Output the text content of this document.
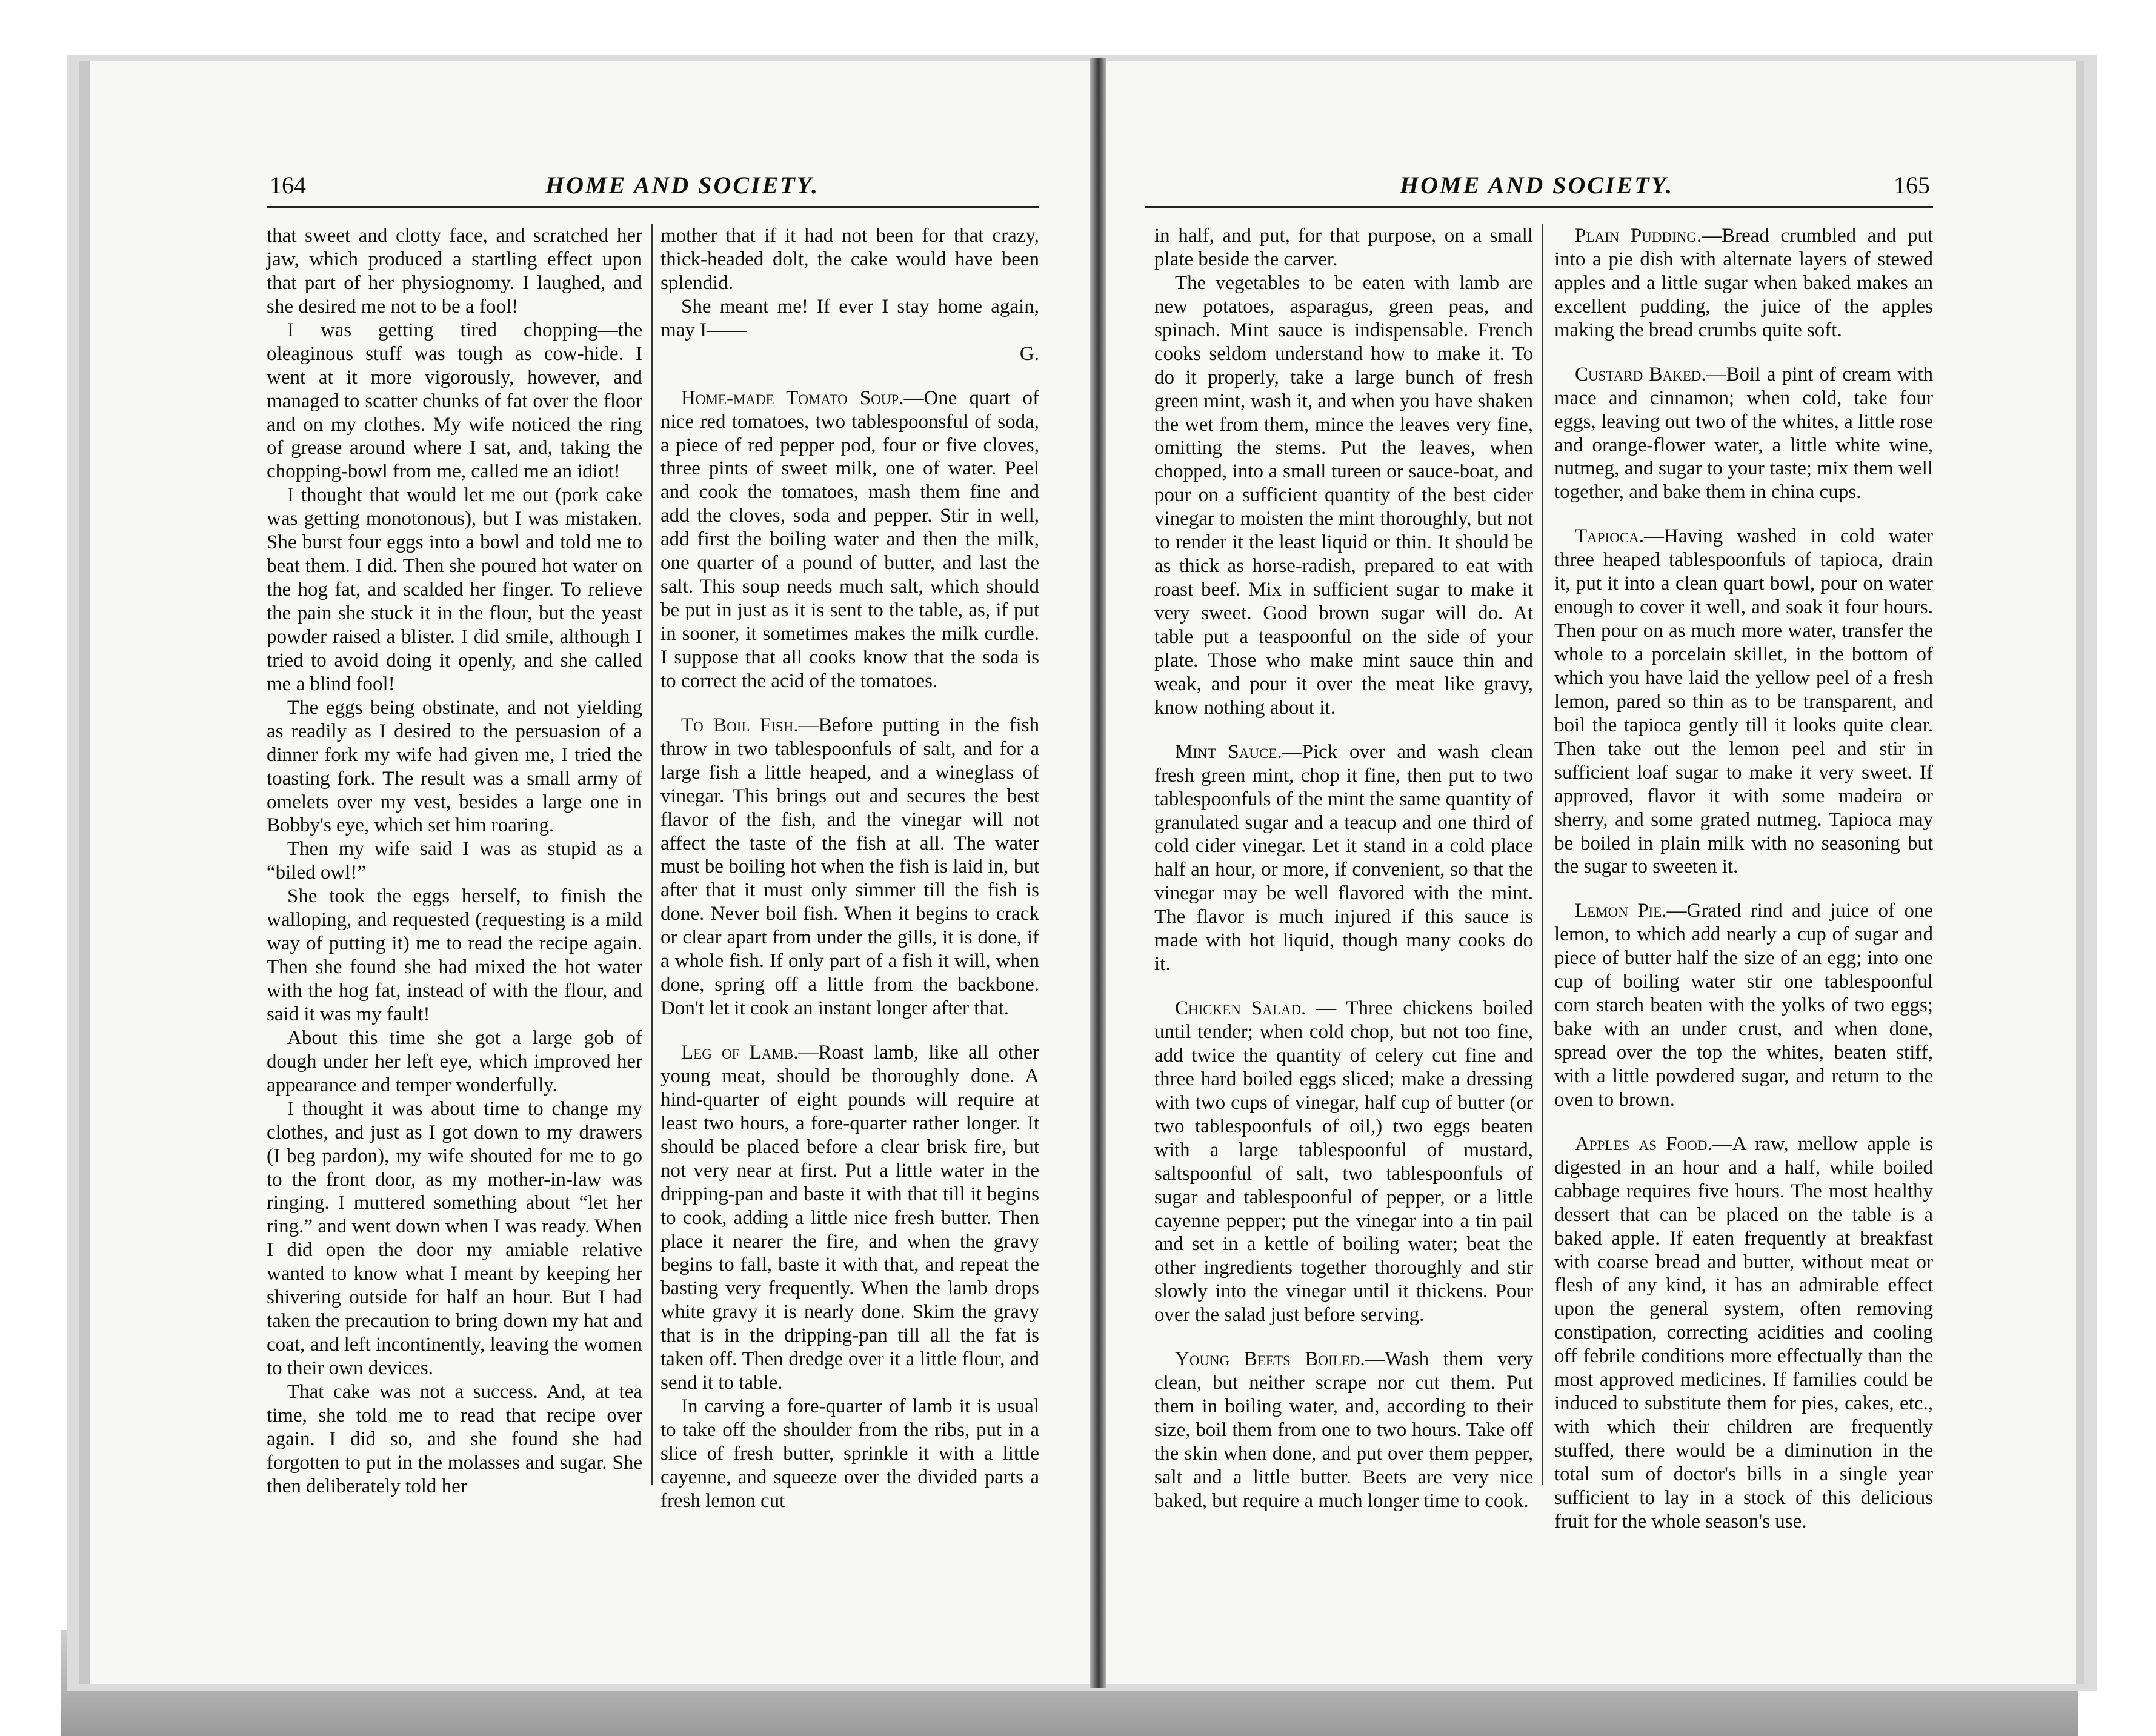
164	HOME AND SOCIETY.	HOME AND SOCIETY.	165

that sweet and clotty face, and scratched her jaw, which produced a startling effect upon that part of her physiognomy. I laughed, and she desired me not to be a fool!

I was getting tired chopping—the oleaginous stuff was tough as cow-hide. I went at it more vigorously, however, and managed to scatter chunks of fat over the floor and on my clothes. My wife noticed the ring of grease around where I sat, and, taking the chopping-bowl from me, called me an idiot!

I thought that would let me out (pork cake was getting monotonous), but I was mistaken. She burst four eggs into a bowl and told me to beat them. I did. Then she poured hot water on the hog fat, and scalded her finger. To relieve the pain she stuck it in the flour, but the yeast powder raised a blister. I did smile, although I tried to avoid doing it openly, and she called me a blind fool!

The eggs being obstinate, and not yielding as readily as I desired to the persuasion of a dinner fork my wife had given me, I tried the toasting fork. The result was a small army of omelets over my vest, besides a large one in Bobby's eye, which set him roaring.

Then my wife said I was as stupid as a “biled owl!”

She took the eggs herself, to finish the walloping, and requested (requesting is a mild way of putting it) me to read the recipe again. Then she found she had mixed the hot water with the hog fat, instead of with the flour, and said it was my fault!

About this time she got a large gob of dough under her left eye, which improved her appearance and temper wonderfully.

I thought it was about time to change my clothes, and just as I got down to my drawers (I beg pardon), my wife shouted for me to go to the front door, as my mother-in-law was ringing. I muttered something about “let her ring.” and went down when I was ready. When I did open the door my amiable relative wanted to know what I meant by keeping her shivering outside for half an hour. But I had taken the precaution to bring down my hat and coat, and left incontinently, leaving the women to their own devices.

That cake was not a success. And, at tea time, she told me to read that recipe over again. I did so, and she found she had forgotten to put in the molasses and sugar. She then deliberately told her

mother that if it had not been for that crazy, thick-headed dolt, the cake would have been splendid.

She meant me! If ever I stay home again, may I——

G.

Home-made Tomato Soup.—One quart of nice red tomatoes, two tablespoonsful of soda, a piece of red pepper pod, four or five cloves, three pints of sweet milk, one of water. Peel and cook the tomatoes, mash them fine and add the cloves, soda and pepper. Stir in well, add first the boiling water and then the milk, one quarter of a pound of butter, and last the salt. This soup needs much salt, which should be put in just as it is sent to the table, as, if put in sooner, it sometimes makes the milk curdle. I suppose that all cooks know that the soda is to correct the acid of the tomatoes.

To Boil Fish.—Before putting in the fish throw in two tablespoonfuls of salt, and for a large fish a little heaped, and a wineglass of vinegar. This brings out and secures the best flavor of the fish, and the vinegar will not affect the taste of the fish at all. The water must be boiling hot when the fish is laid in, but after that it must only simmer till the fish is done. Never boil fish. When it begins to crack or clear apart from under the gills, it is done, if a whole fish. If only part of a fish it will, when done, spring off a little from the backbone. Don't let it cook an instant longer after that.

Leg of Lamb.—Roast lamb, like all other young meat, should be thoroughly done. A hind-quarter of eight pounds will require at least two hours, a fore-quarter rather longer. It should be placed before a clear brisk fire, but not very near at first. Put a little water in the dripping-pan and baste it with that till it begins to cook, adding a little nice fresh butter. Then place it nearer the fire, and when the gravy begins to fall, baste it with that, and repeat the basting very frequently. When the lamb drops white gravy it is nearly done. Skim the gravy that is in the dripping-pan till all the fat is taken off. Then dredge over it a little flour, and send it to table.

In carving a fore-quarter of lamb it is usual to take off the shoulder from the ribs, put in a slice of fresh butter, sprinkle it with a little cayenne, and squeeze over the divided parts a fresh lemon cut

in half, and put, for that purpose, on a small plate beside the carver.

The vegetables to be eaten with lamb are new potatoes, asparagus, green peas, and spinach. Mint sauce is indispensable. French cooks seldom understand how to make it. To do it properly, take a large bunch of fresh green mint, wash it, and when you have shaken the wet from them, mince the leaves very fine, omitting the stems. Put the leaves, when chopped, into a small tureen or sauce-boat, and pour on a sufficient quantity of the best cider vinegar to moisten the mint thoroughly, but not to render it the least liquid or thin. It should be as thick as horse-radish, prepared to eat with roast beef. Mix in sufficient sugar to make it very sweet. Good brown sugar will do. At table put a teaspoonful on the side of your plate. Those who make mint sauce thin and weak, and pour it over the meat like gravy, know nothing about it.

Mint Sauce.—Pick over and wash clean fresh green mint, chop it fine, then put to two tablespoonfuls of the mint the same quantity of granulated sugar and a teacup and one third of cold cider vinegar. Let it stand in a cold place half an hour, or more, if convenient, so that the vinegar may be well flavored with the mint. The flavor is much injured if this sauce is made with hot liquid, though many cooks do it.

Chicken Salad. — Three chickens boiled until tender; when cold chop, but not too fine, add twice the quantity of celery cut fine and three hard boiled eggs sliced; make a dressing with two cups of vinegar, half cup of butter (or two tablespoonfuls of oil,) two eggs beaten with a large tablespoonful of mustard, saltspoonful of salt, two tablespoonfuls of sugar and tablespoonful of pepper, or a little cayenne pepper; put the vinegar into a tin pail and set in a kettle of boiling water; beat the other ingredients together thoroughly and stir slowly into the vinegar until it thickens. Pour over the salad just before serving.

Young Beets Boiled.—Wash them very clean, but neither scrape nor cut them. Put them in boiling water, and, according to their size, boil them from one to two hours. Take off the skin when done, and put over them pepper, salt and a little butter. Beets are very nice baked, but require a much longer time to cook.

Plain Pudding.—Bread crumbled and put into a pie dish with alternate layers of stewed apples and a little sugar when baked makes an excellent pudding, the juice of the apples making the bread crumbs quite soft.

Custard Baked.—Boil a pint of cream with mace and cinnamon; when cold, take four eggs, leaving out two of the whites, a little rose and orange-flower water, a little white wine, nutmeg, and sugar to your taste; mix them well together, and bake them in china cups.

Tapioca.—Having washed in cold water three heaped tablespoonfuls of tapioca, drain it, put it into a clean quart bowl, pour on water enough to cover it well, and soak it four hours. Then pour on as much more water, transfer the whole to a porcelain skillet, in the bottom of which you have laid the yellow peel of a fresh lemon, pared so thin as to be transparent, and boil the tapioca gently till it looks quite clear. Then take out the lemon peel and stir in sufficient loaf sugar to make it very sweet. If approved, flavor it with some madeira or sherry, and some grated nutmeg. Tapioca may be boiled in plain milk with no seasoning but the sugar to sweeten it.

Lemon Pie.—Grated rind and juice of one lemon, to which add nearly a cup of sugar and piece of butter half the size of an egg; into one cup of boiling water stir one tablespoonful corn starch beaten with the yolks of two eggs; bake with an under crust, and when done, spread over the top the whites, beaten stiff, with a little powdered sugar, and return to the oven to brown.

Apples as Food.—A raw, mellow apple is digested in an hour and a half, while boiled cabbage requires five hours. The most healthy dessert that can be placed on the table is a baked apple. If eaten frequently at breakfast with coarse bread and butter, without meat or flesh of any kind, it has an admirable effect upon the general system, often removing constipation, correcting acidities and cooling off febrile conditions more effectually than the most approved medicines. If families could be induced to substitute them for pies, cakes, etc., with which their children are frequently stuffed, there would be a diminution in the total sum of doctor's bills in a single year sufficient to lay in a stock of this delicious fruit for the whole season's use.
